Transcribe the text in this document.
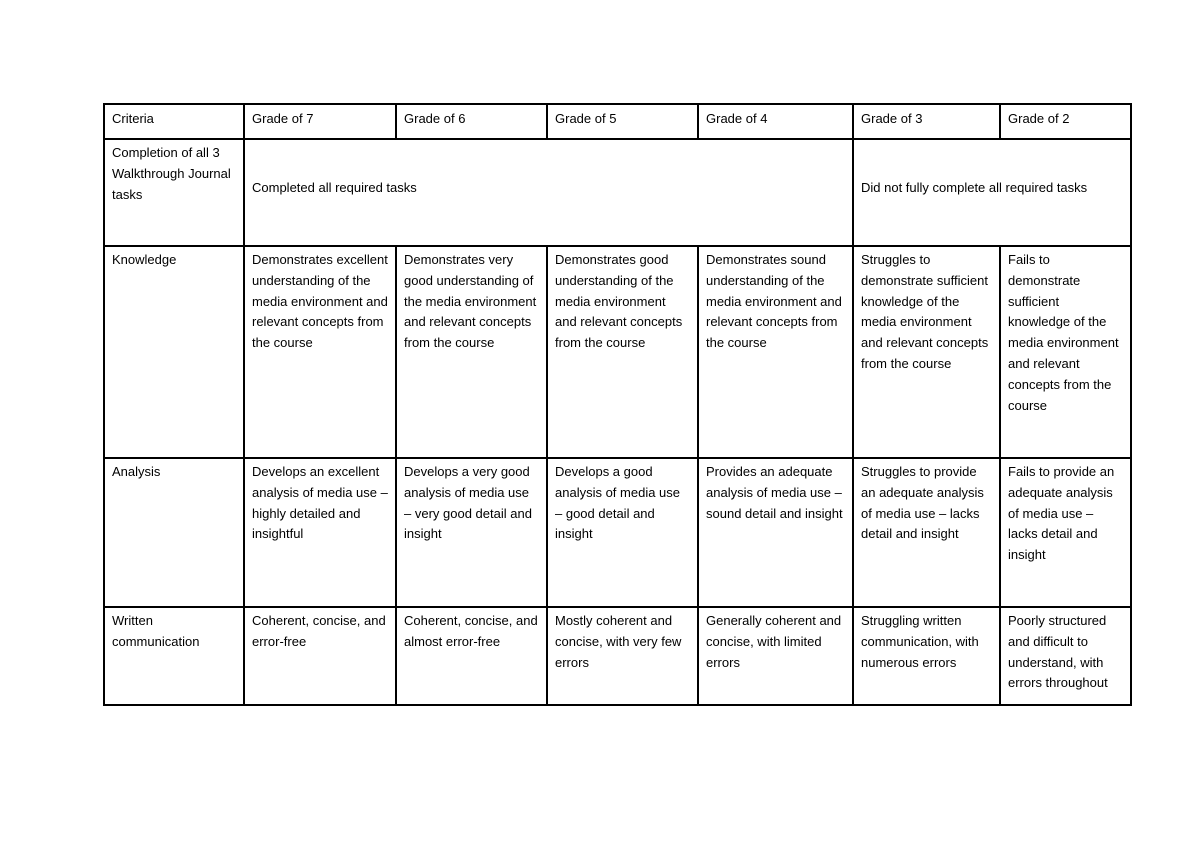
Criteria	Grade of 7	Grade of 6	Grade of 5	Grade of 4	Grade of 3	Grade of 2
Completion of all 3 Walkthrough Journal tasks	Completed all required tasks				Did not fully complete all required tasks	
Knowledge	Demonstrates excellent understanding of the media environment and relevant concepts from the course	Demonstrates very good understanding of the media environment and relevant concepts from the course	Demonstrates good understanding of the media environment and relevant concepts from the course	Demonstrates sound understanding of the media environment and relevant concepts from the course	Struggles to demonstrate sufficient knowledge of the media environment and relevant concepts from the course	Fails to demonstrate sufficient knowledge of the media environment and relevant concepts from the course
Analysis	Develops an excellent analysis of media use – highly detailed and insightful	Develops a very good analysis of media use – very good detail and insight	Develops a good analysis of media use – good detail and insight	Provides an adequate analysis of media use – sound detail and insight	Struggles to provide an adequate analysis of media use – lacks detail and insight	Fails to provide an adequate analysis of media use – lacks detail and insight
Written communication	Coherent, concise, and error-free	Coherent, concise, and almost error-free	Mostly coherent and concise, with very few errors	Generally coherent and concise, with limited errors	Struggling written communication, with numerous errors	Poorly structured and difficult to understand, with errors throughout
